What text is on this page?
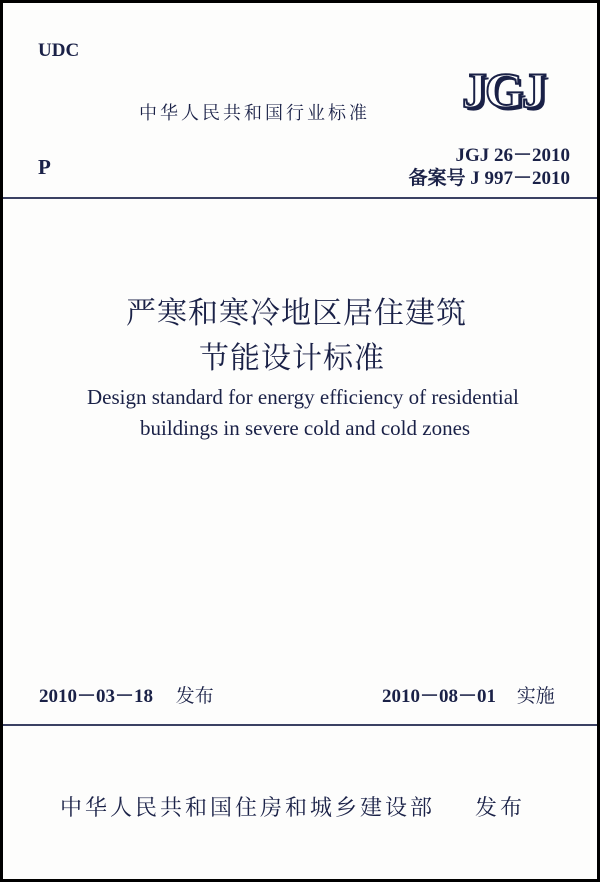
UDC
中华人民共和国行业标准 JGJ
P	JGJ 26－2010
备案号 J 997－2010
严寒和寒冷地区居住建筑
节能设计标准
Design standard for energy efficiency of residential
buildings in severe cold and cold zones
2010－03－18 发布	2010－08－01 实施
中华人民共和国住房和城乡建设部 发布
